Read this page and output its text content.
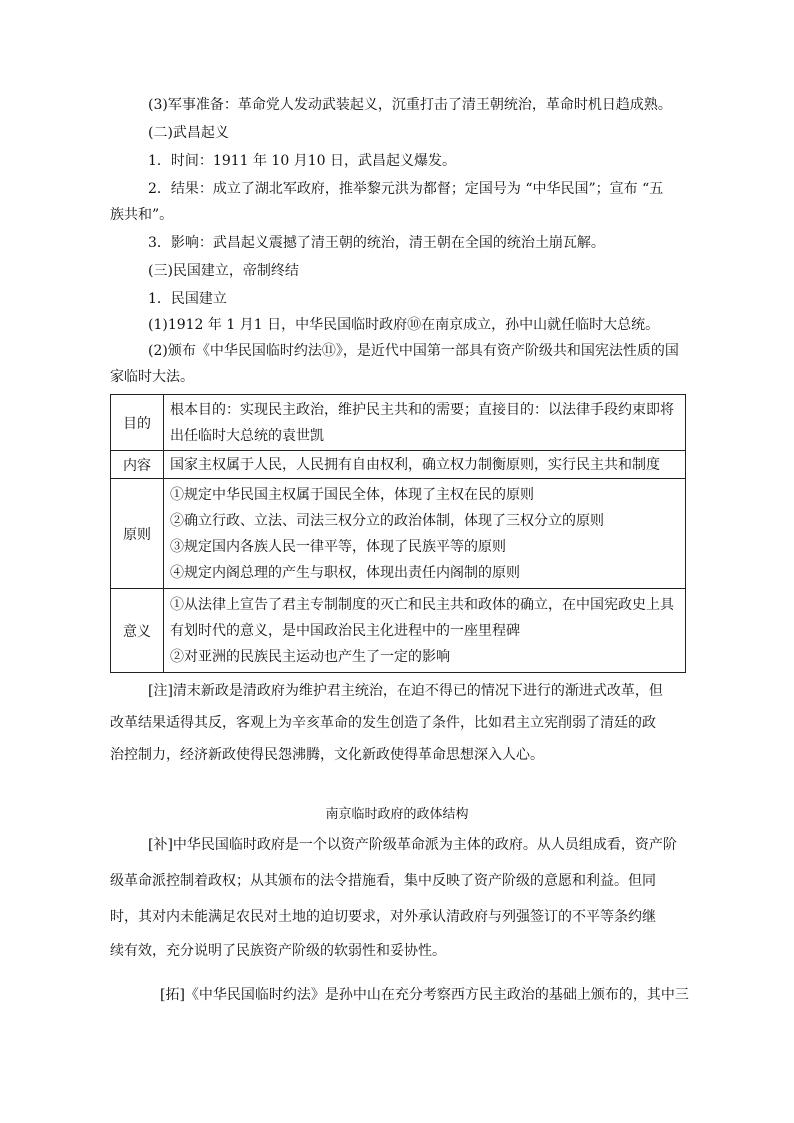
(3)军事准备：革命党人发动武装起义，沉重打击了清王朝统治，革命时机日趋成熟。
(二)武昌起义
1．时间：1911 年 10 月10 日，武昌起义爆发。
2．结果：成立了湖北军政府，推举黎元洪为都督；定国号为 “中华民国”；宣布 “五
族共和”。
3．影响：武昌起义震撼了清王朝的统治，清王朝在全国的统治土崩瓦解。
(三)民国建立，帝制终结
1．民国建立
(1)1912 年 1 月1 日，中华民国临时政府⑩在南京成立，孙中山就任临时大总统。
(2)颁布《中华民国临时约法⑪》，是近代中国第一部具有资产阶级共和国宪法性质的国
家临时大法。
目的	根本目的：实现民主政治，维护民主共和的需要；直接目的：以法律手段约束即将
出任临时大总统的袁世凯

内容	国家主权属于人民，人民拥有自由权利，确立权力制衡原则，实行民主共和制度

原则	①规定中华民国主权属于国民全体，体现了主权在民的原则
②确立行政、立法、司法三权分立的政治体制，体现了三权分立的原则
③规定国内各族人民一律平等，体现了民族平等的原则
④规定内阁总理的产生与职权，体现出责任内阁制的原则

意义	①从法律上宣告了君主专制制度的灭亡和民主共和政体的确立，在中国宪政史上具
有划时代的意义，是中国政治民主化进程中的一座里程碑
②对亚洲的民族民主运动也产生了一定的影响
[注]清末新政是清政府为维护君主统治，在迫不得已的情况下进行的渐进式改革，但
改革结果适得其反，客观上为辛亥革命的发生创造了条件，比如君主立宪削弱了清廷的政
治控制力，经济新政使得民怨沸腾，文化新政使得革命思想深入人心。
南京临时政府的政体结构
[补]中华民国临时政府是一个以资产阶级革命派为主体的政府。从人员组成看，资产阶
级革命派控制着政权；从其颁布的法令措施看，集中反映了资产阶级的意愿和利益。但同
时，其对内未能满足农民对土地的迫切要求，对外承认清政府与列强签订的不平等条约继
续有效，充分说明了民族资产阶级的软弱性和妥协性。
[拓]《中华民国临时约法》是孙中山在充分考察西方民主政治的基础上颁布的，其中三
